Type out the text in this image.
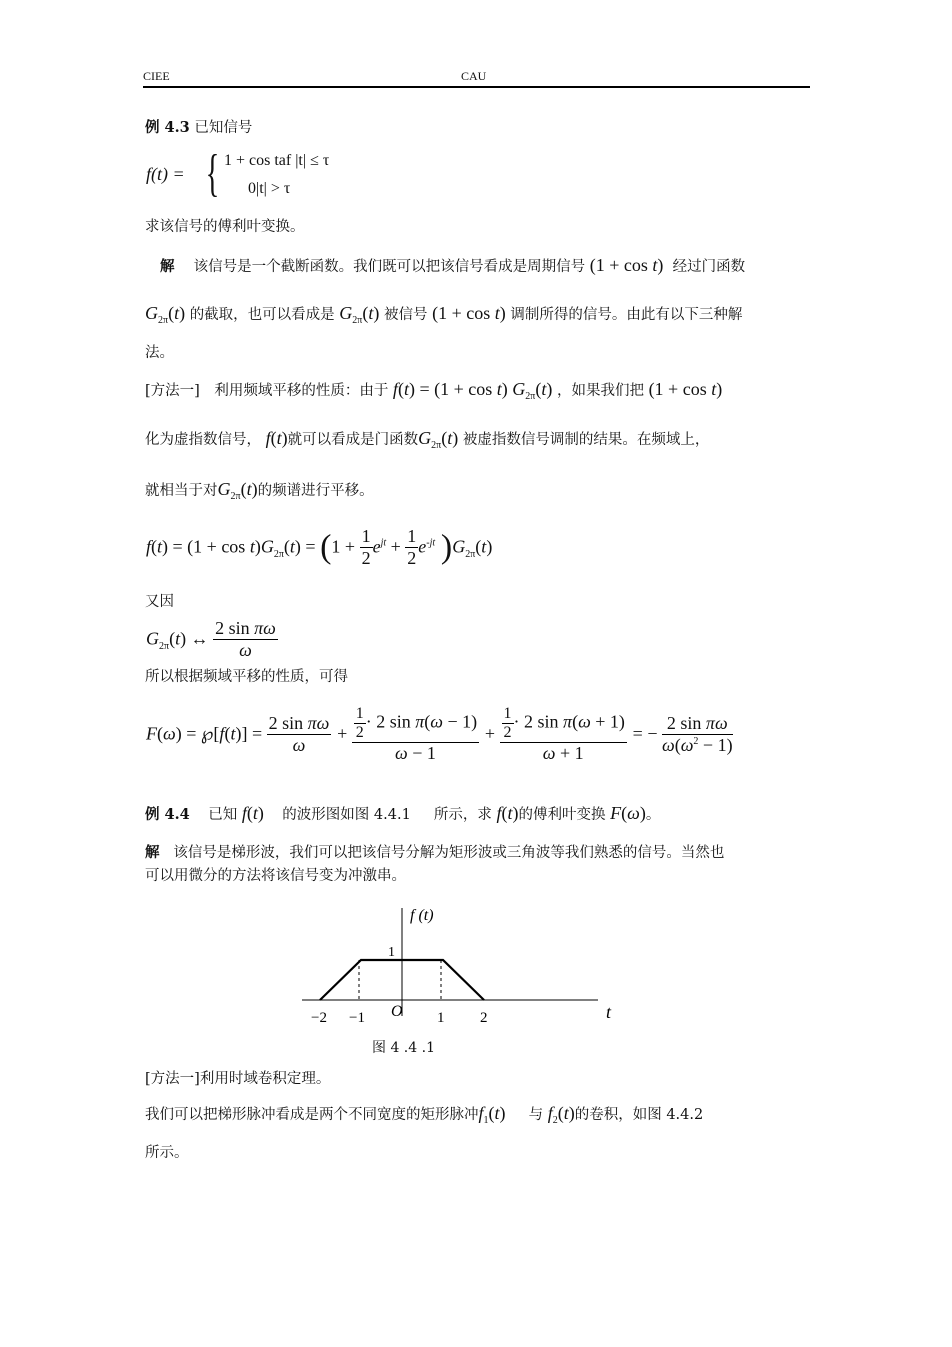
CIEE	CAU
例 4.3 已知信号
f(t) = { 1 + cos taf |t| ≤ τ
0|t| > τ
求该信号的傅利叶变换。
解　 该信号是一个截断函数。我们既可以把该信号看成是周期信号 (1 + cos t) 经过门函数
$G_{2\pi}(t)$ 的截取，也可以看成是 $G_{2\pi}(t)$ 被信号 (1 + cos t) 调制所得的信号。由此有以下三种解
法。
[方法一]　利用频域平移的性质：由于 f(t) = (1 + cos t) $G_{2\pi}(t)$ ，如果我们把 (1 + cos t)
化为虚指数信号， f(t)就可以看成是门函数$G_{2\pi}(t)$ 被虚指数信号调制的结果。在频域上，
就相当于对$G_{2\pi}(t)$的频谱进行平移。
$f(t) = (1 + \cos t)G_{2\pi}(t) = (1 + \frac{1}{2} e^{jt} + \frac{1}{2} e^{-jt}$ )$G_{2\pi}(t)$
又因
$G_{2\pi}(t)$ ↔ $\frac{\text{2 sin πω}}{\omega}$
所以根据频域平移的性质，可得
F(ω) = ℘[f(t)] = $\frac{\text{2 sin πω}}{\omega} + \frac{\frac{1}{2} \cdot 2 \sin \pi(\omega - 1)}{\omega - 1} + \frac{\frac{1}{2} \cdot 2 \sin \pi(\omega + 1)}{\omega + 1}$ = − $\frac{\text{2 sin πω}}{\omega(\omega^2 - 1)}$
例 4.4 已知 f(t) 的波形图如图 4.4.1 所示，求 f(t)的傅利叶变换 F(ω)。
解 该信号是梯形波，我们可以把该信号分解为矩形波或三角波等我们熟悉的信号。当然也
可以用微分的方法将该信号变为冲激串。
f (t)
t
1
O
−2 −1	1 2
图 4 .4 .1
[方法一]利用时域卷积定理。
我们可以把梯形脉冲看成是两个不同宽度的矩形脉冲$f_1(t)$ 与 $f_2(t)$的卷积，如图 4.4.2
所示。
